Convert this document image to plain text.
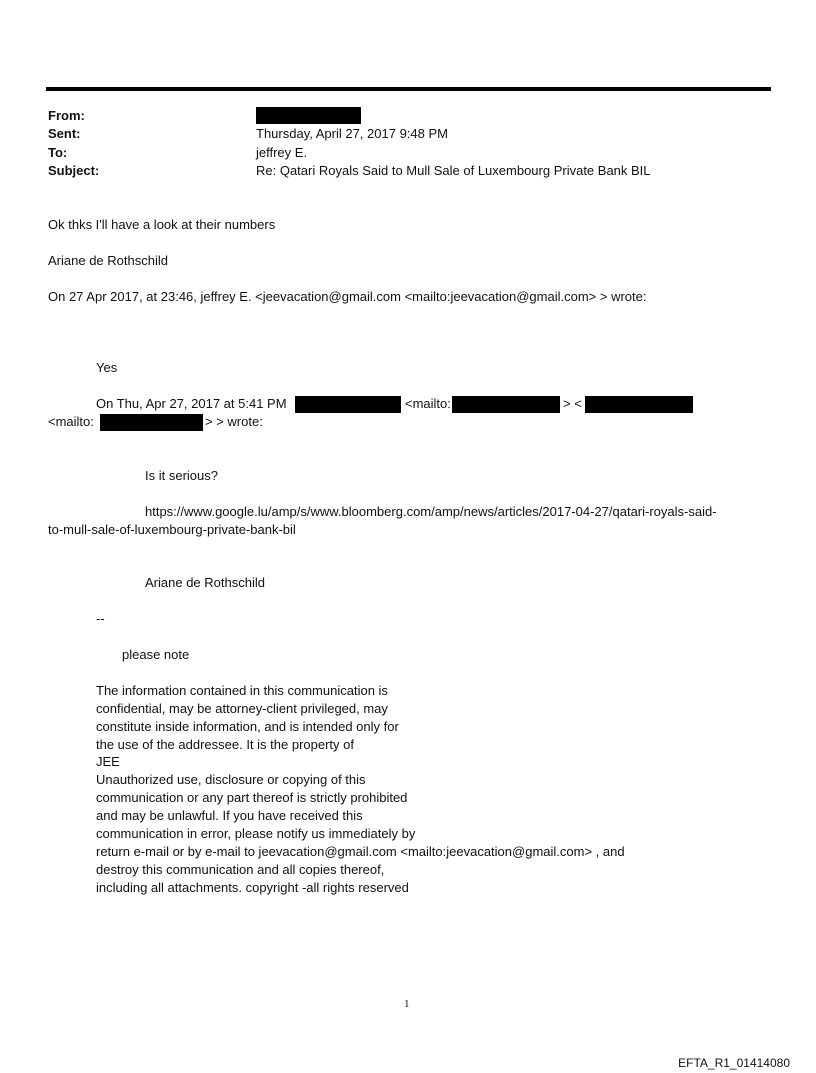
From:
Sent:	Thursday, April 27, 2017 9:48 PM
To:	jeffrey E.
Subject:	Re: Qatari Royals Said to Mull Sale of Luxembourg Private Bank BIL
Ok thks I'll have a look at their numbers
Ariane de Rothschild
On 27 Apr 2017, at 23:46, jeffrey E. <jeevacation@gmail.com <mailto:jeevacation@gmail.com> > wrote:
Yes
On Thu, Apr 27, 2017 at 5:41 PM	<mailto:	> <
<mailto:	> > wrote:
Is it serious?
https://www.google.lu/amp/s/www.bloomberg.com/amp/news/articles/2017-04-27/qatari-royals-said-
to-mull-sale-of-luxembourg-private-bank-bil
Ariane de Rothschild
--
please note
The information contained in this communication is
confidential, may be attorney-client privileged, may
constitute inside information, and is intended only for
the use of the addressee. It is the property of
JEE
Unauthorized use, disclosure or copying of this
communication or any part thereof is strictly prohibited
and may be unlawful. If you have received this
communication in error, please notify us immediately by
return e-mail or by e-mail to jeevacation@gmail.com <mailto:jeevacation@gmail.com> , and
destroy this communication and all copies thereof,
including all attachments. copyright -all rights reserved
1
EFTA_R1_01414080
